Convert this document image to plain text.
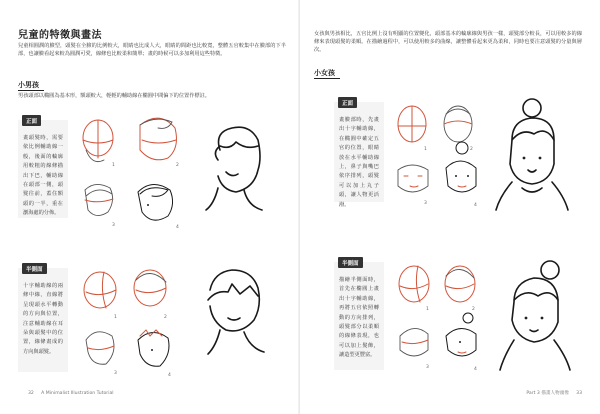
兒童的特徵與畫法
兒童相圓潤的臉型，頭髮在全臉的比例較大，眼睛也比成人大，眼睛的間距也比較寬，整體五官較集中在臉部的下半部，也讓臉看起來較為圓潤可愛，線條也比較柔和簡單；畫的時候可以多加利用這些特徵。
小男孩
男孩頭部以橢圓為基本形，額頭較大，輕輕的輔助線在橢圓中間偏下的位置作標註。
畫頭髮時，需要依比例輔助線一般，後面的輪廓用較粗的線條描出下巴，輔助線在頭部一側，頭髮往前，蓋住額頭的一半，重在瀏海處的分佈。
正面
1	2
3	4
十字輔助線的兩條中線，直線將呈現頭水平轉動的方向與位置，注意輔助線在耳朵與頭髮中的位置，線條畫成的方向與頭髮。
半側面
1	2
3	4
32 A Minimalist Illustration Tutorial
女孩與男孩相比，五官比例上沒有明顯的位置變化，頭部基本的輪廓線與男孩一樣，頭髮部分較長，可以用較多的線條來表現頭髮的柔順。在描繪過程中，可以使用較多的曲線，讓整體看起來更為柔和，同時也要注意頭髮的分量與層次。
小女孩
畫臉部時，先畫出十字輔助線，在橢圓中確定五官的位置，眼睛放在水平輔助線上，鼻子與嘴巴依序排列，頭髮可以加上丸子頭，讓人物更活潑。
正面
1	2
3	4
描繪半側面時，首先在橢圓上畫出十字輔助線，再將五官依照轉動的方向排列，頭髮部分以柔順的線條表現，也可以加上髮飾，讓造型更豐富。
半側面
1	2
3	4
Part 3 描畫人物頭像 33
